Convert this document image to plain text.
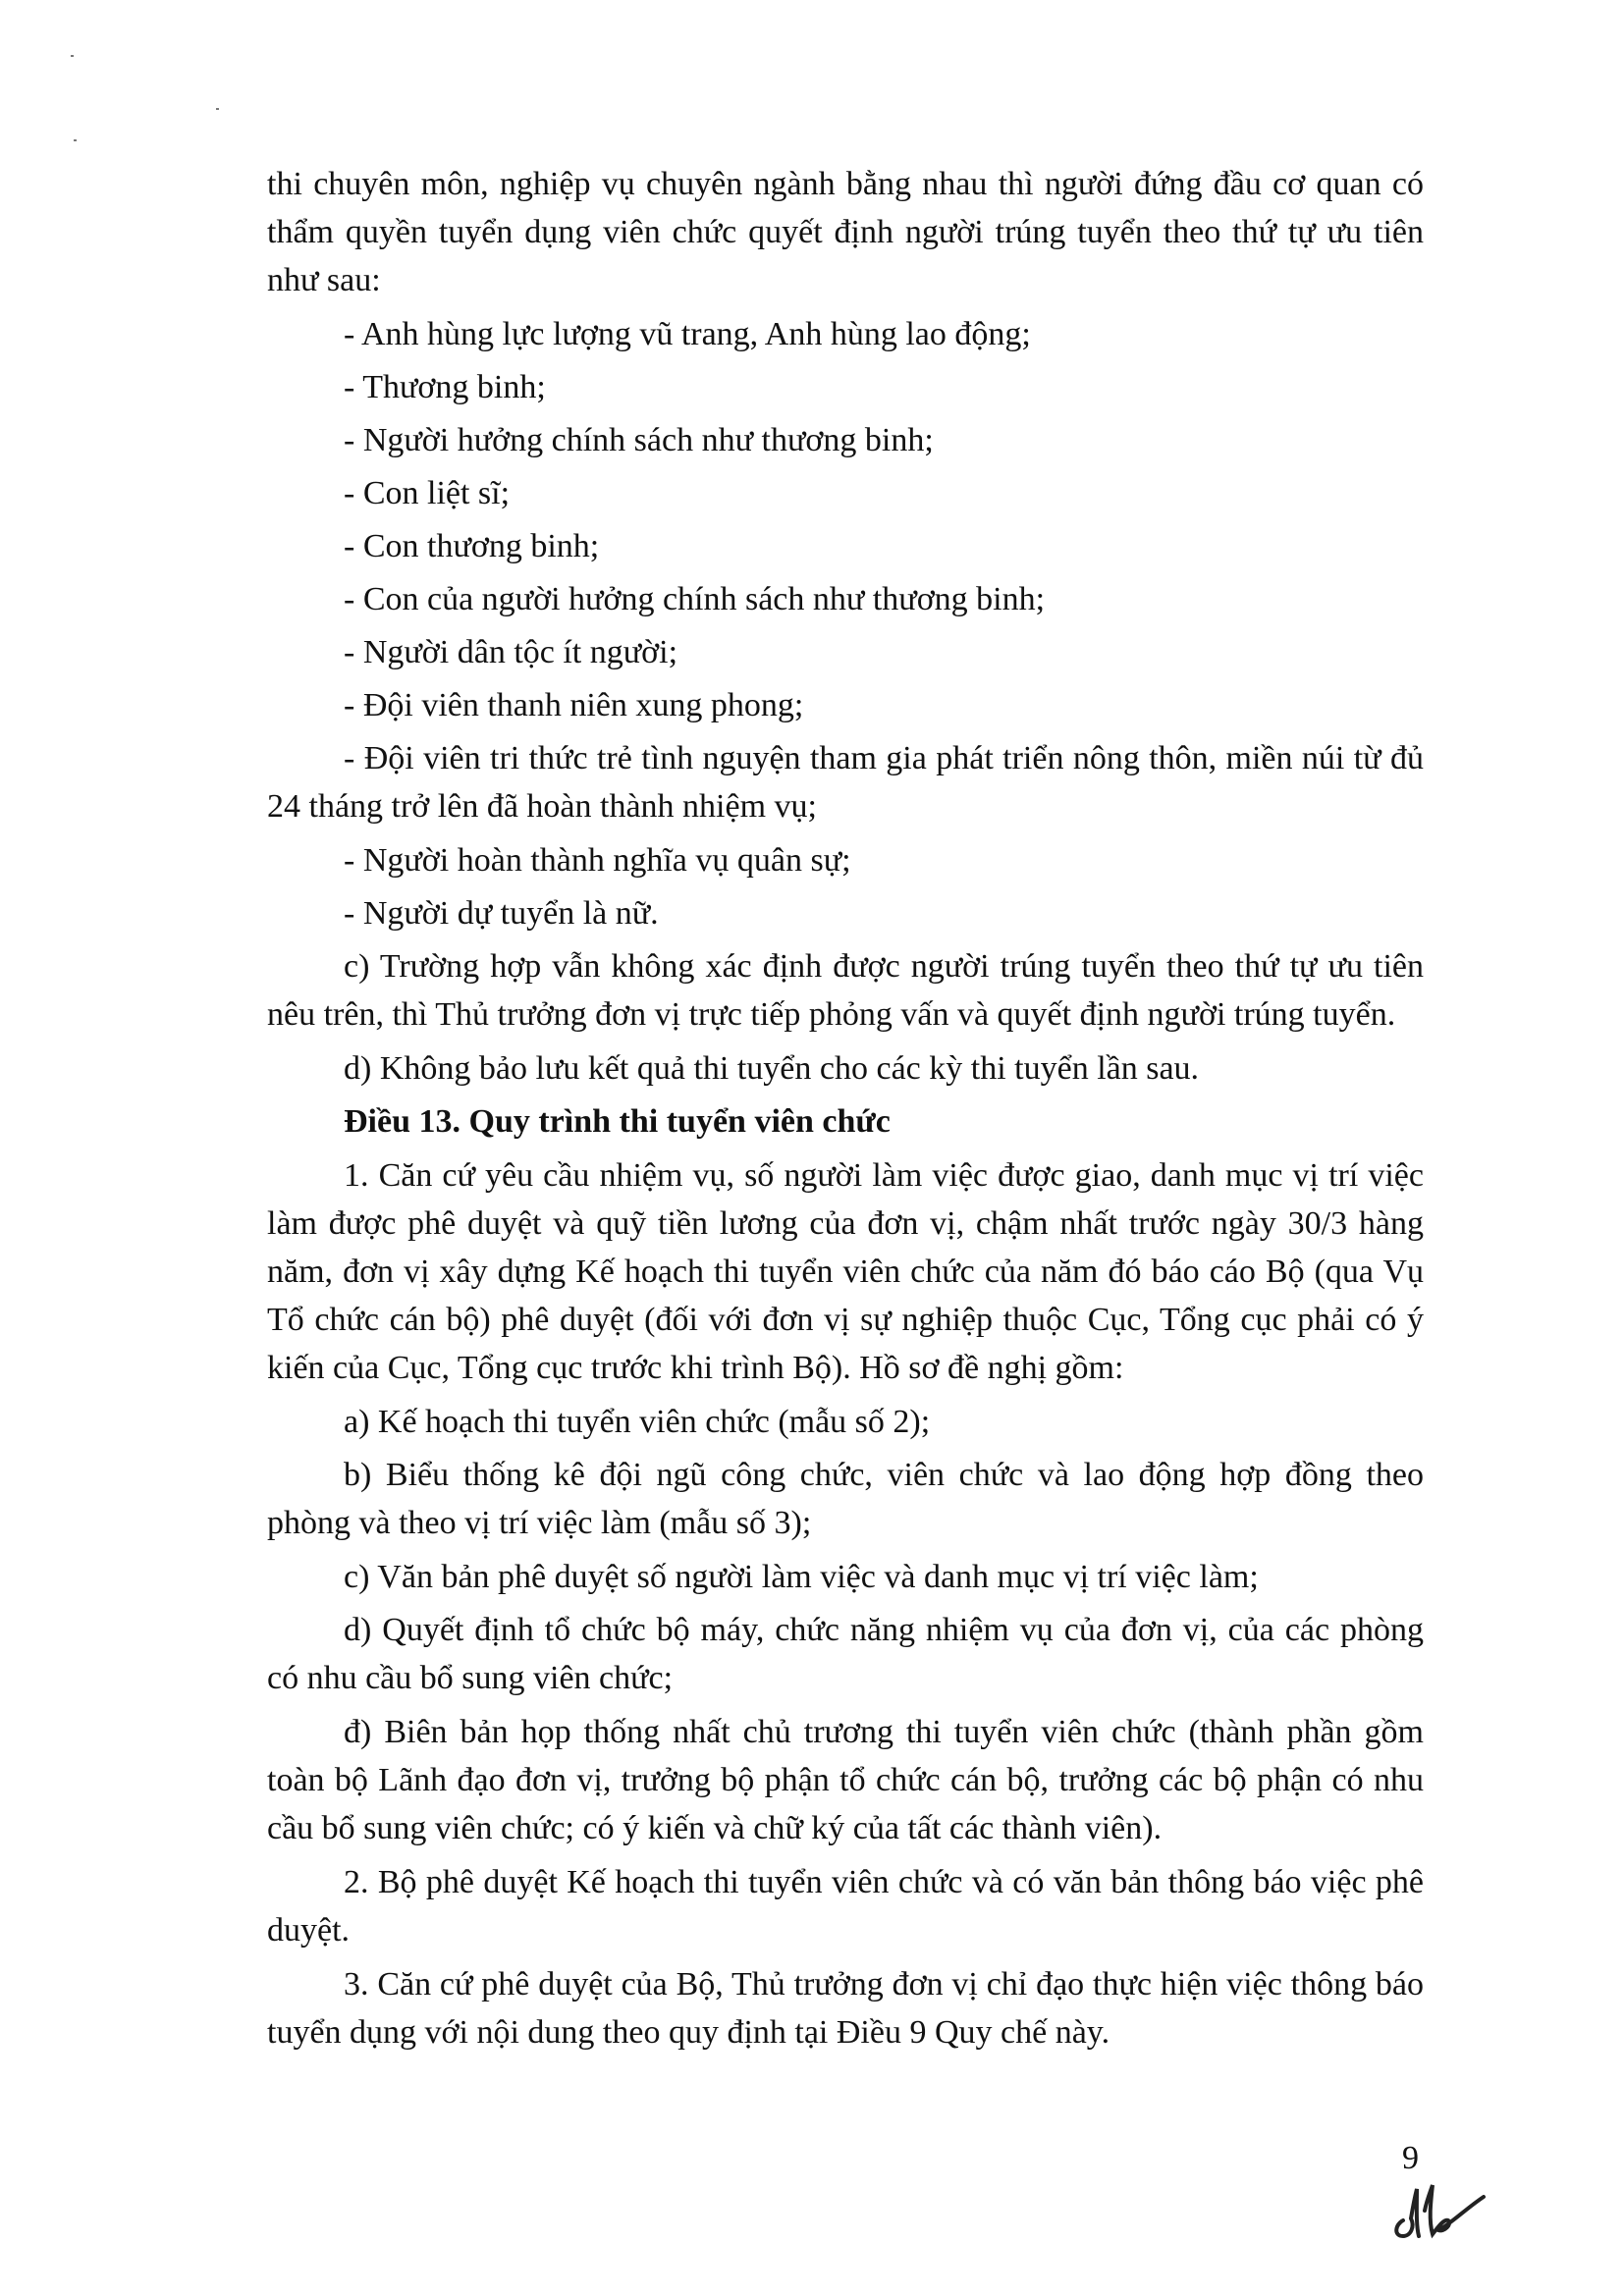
thi chuyên môn, nghiệp vụ chuyên ngành bằng nhau thì người đứng đầu cơ quan có thẩm quyền tuyển dụng viên chức quyết định người trúng tuyển theo thứ tự ưu tiên như sau:

- Anh hùng lực lượng vũ trang, Anh hùng lao động;

- Thương binh;

- Người hưởng chính sách như thương binh;

- Con liệt sĩ;

- Con thương binh;

- Con của người hưởng chính sách như thương binh;

- Người dân tộc ít người;

- Đội viên thanh niên xung phong;

- Đội viên tri thức trẻ tình nguyện tham gia phát triển nông thôn, miền núi từ đủ 24 tháng trở lên đã hoàn thành nhiệm vụ;

- Người hoàn thành nghĩa vụ quân sự;

- Người dự tuyển là nữ.

c) Trường hợp vẫn không xác định được người trúng tuyển theo thứ tự ưu tiên nêu trên, thì Thủ trưởng đơn vị trực tiếp phỏng vấn và quyết định người trúng tuyển.

d) Không bảo lưu kết quả thi tuyển cho các kỳ thi tuyển lần sau.

Điều 13. Quy trình thi tuyển viên chức

1. Căn cứ yêu cầu nhiệm vụ, số người làm việc được giao, danh mục vị trí việc làm được phê duyệt và quỹ tiền lương của đơn vị, chậm nhất trước ngày 30/3 hàng năm, đơn vị xây dựng Kế hoạch thi tuyển viên chức của năm đó báo cáo Bộ (qua Vụ Tổ chức cán bộ) phê duyệt (đối với đơn vị sự nghiệp thuộc Cục, Tổng cục phải có ý kiến của Cục, Tổng cục trước khi trình Bộ). Hồ sơ đề nghị gồm:

a) Kế hoạch thi tuyển viên chức (mẫu số 2);

b) Biểu thống kê đội ngũ công chức, viên chức và lao động hợp đồng theo phòng và theo vị trí việc làm (mẫu số 3);

c) Văn bản phê duyệt số người làm việc và danh mục vị trí việc làm;

d) Quyết định tổ chức bộ máy, chức năng nhiệm vụ của đơn vị, của các phòng có nhu cầu bổ sung viên chức;

đ) Biên bản họp thống nhất chủ trương thi tuyển viên chức (thành phần gồm toàn bộ Lãnh đạo đơn vị, trưởng bộ phận tổ chức cán bộ, trưởng các bộ phận có nhu cầu bổ sung viên chức; có ý kiến và chữ ký của tất các thành viên).

2. Bộ phê duyệt Kế hoạch thi tuyển viên chức và có văn bản thông báo việc phê duyệt.

3. Căn cứ phê duyệt của Bộ, Thủ trưởng đơn vị chỉ đạo thực hiện việc thông báo tuyển dụng với nội dung theo quy định tại Điều 9 Quy chế này.

9
